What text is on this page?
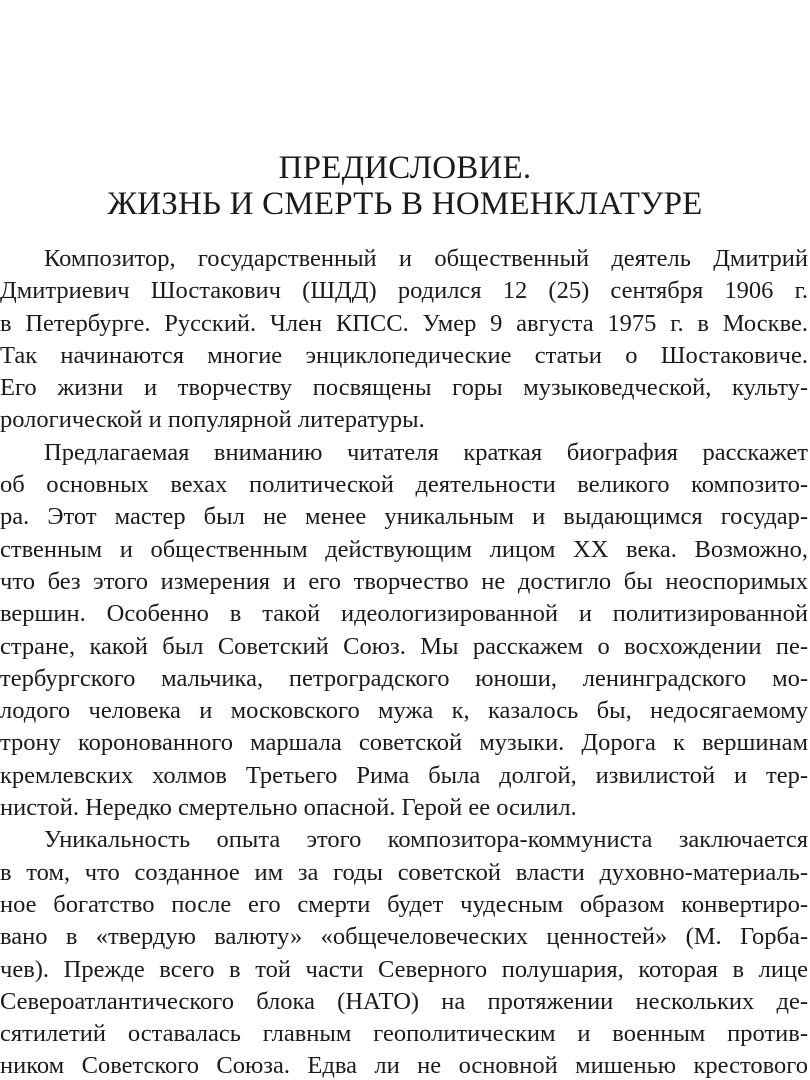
ПРЕДИСЛОВИЕ.
ЖИЗНЬ И СМЕРТЬ В НОМЕНКЛАТУРЕ
Композитор, государственный и общественный деятель Дмитрий
Дмитриевич Шостакович (ШДД) родился 12 (25) сентября 1906 г.
в Петербурге. Русский. Член КПСС. Умер 9 августа 1975 г. в Москве.
Так начинаются многие энциклопедические статьи о Шостаковиче.
Его жизни и творчеству посвящены горы музыковедческой, культу-
рологической и популярной литературы.
Предлагаемая вниманию читателя краткая биография расскажет
об основных вехах политической деятельности великого композито-
ра. Этот мастер был не менее уникальным и выдающимся государ-
ственным и общественным действующим лицом XX века. Возможно,
что без этого измерения и его творчество не достигло бы неоспоримых
вершин. Особенно в такой идеологизированной и политизированной
стране, какой был Советский Союз. Мы расскажем о восхождении пе-
тербургского мальчика, петроградского юноши, ленинградского мо-
лодого человека и московского мужа к, казалось бы, недосягаемому
трону коронованного маршала советской музыки. Дорога к вершинам
кремлевских холмов Третьего Рима была долгой, извилистой и тер-
нистой. Нередко смертельно опасной. Герой ее осилил.
Уникальность опыта этого композитора-коммуниста заключается
в том, что созданное им за годы советской власти духовно-материаль-
ное богатство после его смерти будет чудесным образом конвертиро-
вано в «твердую валюту» «общечеловеческих ценностей» (М. Горба-
чев). Прежде всего в той части Северного полушария, которая в лице
Североатлантического блока (НАТО) на протяжении нескольких де-
сятилетий оставалась главным геополитическим и военным против-
ником Советского Союза. Едва ли не основной мишенью крестового
